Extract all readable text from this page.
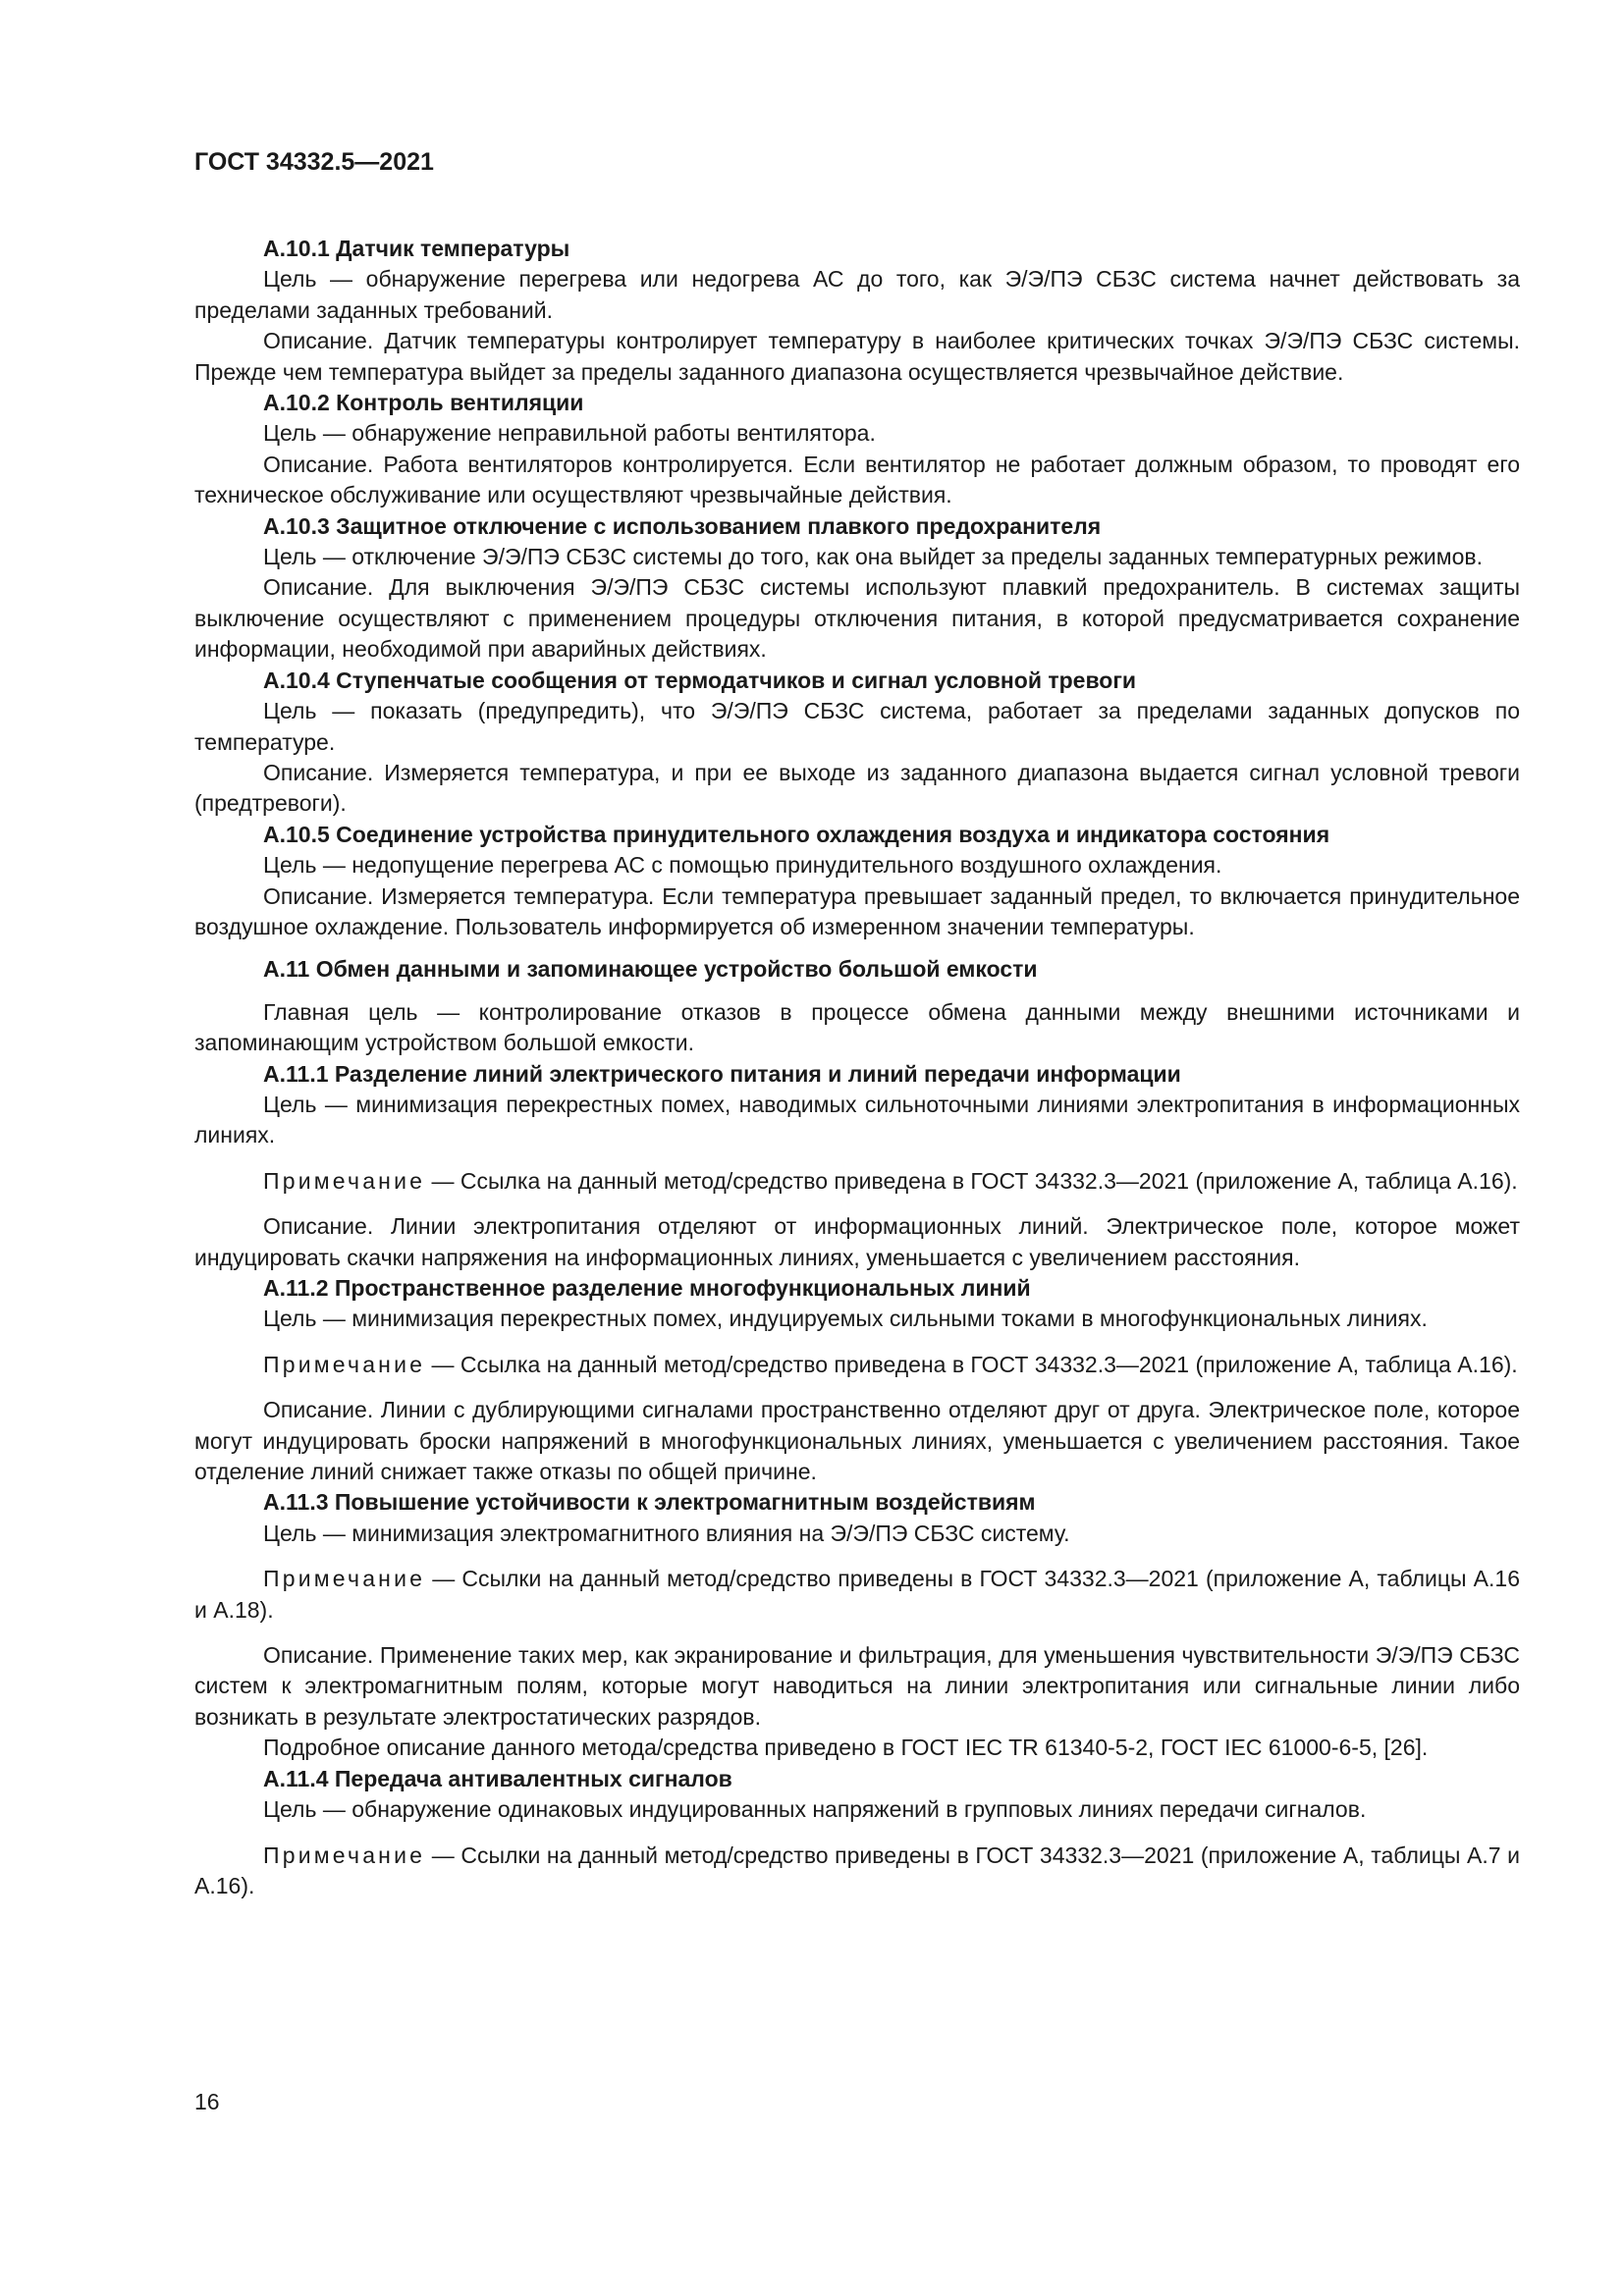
ГОСТ 34332.5—2021

А.10.1 Датчик температуры

Цель — обнаружение перегрева или недогрева АС до того, как Э/Э/ПЭ СБЗС система начнет действовать за пределами заданных требований.

Описание. Датчик температуры контролирует температуру в наиболее критических точках Э/Э/ПЭ СБЗС системы. Прежде чем температура выйдет за пределы заданного диапазона осуществляется чрезвычайное действие.

А.10.2 Контроль вентиляции

Цель — обнаружение неправильной работы вентилятора.

Описание. Работа вентиляторов контролируется. Если вентилятор не работает должным образом, то проводят его техническое обслуживание или осуществляют чрезвычайные действия.

А.10.3 Защитное отключение с использованием плавкого предохранителя

Цель — отключение Э/Э/ПЭ СБЗС системы до того, как она выйдет за пределы заданных температурных режимов.

Описание. Для выключения Э/Э/ПЭ СБЗС системы используют плавкий предохранитель. В системах защиты выключение осуществляют с применением процедуры отключения питания, в которой предусматривается сохранение информации, необходимой при аварийных действиях.

А.10.4 Ступенчатые сообщения от термодатчиков и сигнал условной тревоги

Цель — показать (предупредить), что Э/Э/ПЭ СБЗС система, работает за пределами заданных допусков по температуре.

Описание. Измеряется температура, и при ее выходе из заданного диапазона выдается сигнал условной тревоги (предтревоги).

А.10.5 Соединение устройства принудительного охлаждения воздуха и индикатора состояния

Цель — недопущение перегрева АС с помощью принудительного воздушного охлаждения.

Описание. Измеряется температура. Если температура превышает заданный предел, то включается принудительное воздушное охлаждение. Пользователь информируется об измеренном значении температуры.

А.11 Обмен данными и запоминающее устройство большой емкости

Главная цель — контролирование отказов в процессе обмена данными между внешними источниками и запоминающим устройством большой емкости.

А.11.1 Разделение линий электрического питания и линий передачи информации

Цель — минимизация перекрестных помех, наводимых сильноточными линиями электропитания в информационных линиях.

Примечание — Ссылка на данный метод/средство приведена в ГОСТ 34332.3—2021 (приложение А, таблица А.16).

Описание. Линии электропитания отделяют от информационных линий. Электрическое поле, которое может индуцировать скачки напряжения на информационных линиях, уменьшается с увеличением расстояния.

А.11.2 Пространственное разделение многофункциональных линий

Цель — минимизация перекрестных помех, индуцируемых сильными токами в многофункциональных линиях.

Примечание — Ссылка на данный метод/средство приведена в ГОСТ 34332.3—2021 (приложение А, таблица А.16).

Описание. Линии с дублирующими сигналами пространственно отделяют друг от друга. Электрическое поле, которое могут индуцировать броски напряжений в многофункциональных линиях, уменьшается с увеличением расстояния. Такое отделение линий снижает также отказы по общей причине.

А.11.3 Повышение устойчивости к электромагнитным воздействиям

Цель — минимизация электромагнитного влияния на Э/Э/ПЭ СБЗС систему.

Примечание — Ссылки на данный метод/средство приведены в ГОСТ 34332.3—2021 (приложение А, таблицы А.16 и А.18).

Описание. Применение таких мер, как экранирование и фильтрация, для уменьшения чувствительности Э/Э/ПЭ СБЗС систем к электромагнитным полям, которые могут наводиться на линии электропитания или сигнальные линии либо возникать в результате электростатических разрядов.

Подробное описание данного метода/средства приведено в ГОСТ IEC TR 61340-5-2, ГОСТ IEC 61000-6-5, [26].

А.11.4 Передача антивалентных сигналов

Цель — обнаружение одинаковых индуцированных напряжений в групповых линиях передачи сигналов.

Примечание — Ссылки на данный метод/средство приведены в ГОСТ 34332.3—2021 (приложение А, таблицы А.7 и А.16).

16
